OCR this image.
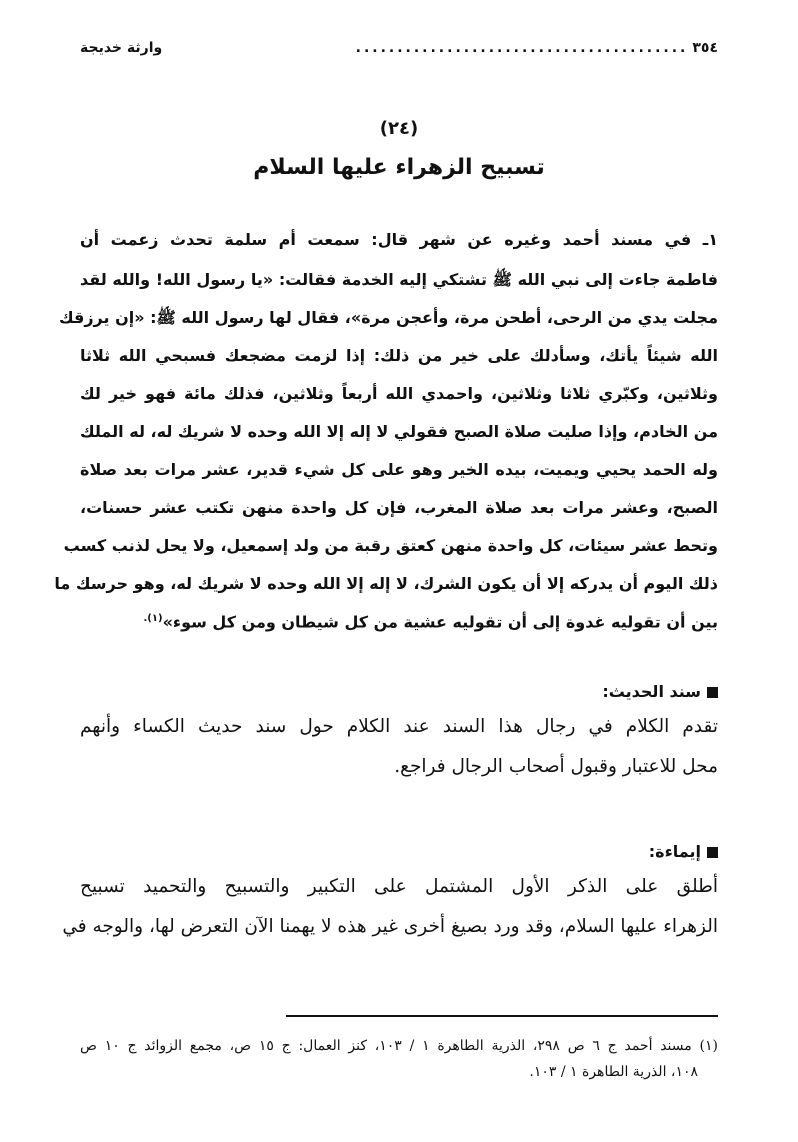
٣٥٤
........................................
وارثة خديجة
(٢٤)
تسبيح الزهراء عليها السلام
١ـ في مسند أحمد وغيره عن شهر قال: سمعت أم سلمة تحدث زعمت أن
فاطمة جاءت إلى نبي الله ﷺ تشتكي إليه الخدمة فقالت: «يا رسول الله! والله لقد
مجلت يدي من الرحى، أطحن مرة، وأعجن مرة»، فقال لها رسول الله ﷺ: «إن يرزقك
الله شيئاً يأتك، وسأدلك على خير من ذلك: إذا لزمت مضجعك فسبحي الله ثلاثا
وثلاثين، وكبّري ثلاثا وثلاثين، واحمدي الله أربعاً وثلاثين، فذلك مائة فهو خير لك
من الخادم، وإذا صليت صلاة الصبح فقولي لا إله إلا الله وحده لا شريك له، له الملك
وله الحمد يحيي ويميت، بيده الخير وهو على كل شيء قدير، عشر مرات بعد صلاة
الصبح، وعشر مرات بعد صلاة المغرب، فإن كل واحدة منهن تكتب عشر حسنات،
وتحط عشر سيئات، كل واحدة منهن كعتق رقبة من ولد إسمعيل، ولا يحل لذنب كسب
ذلك اليوم أن يدركه إلا أن يكون الشرك، لا إله إلا الله وحده لا شريك له، وهو حرسك ما
بين أن تقوليه غدوة إلى أن تقوليه عشية من كل شيطان ومن كل سوء»$^{(١).}$
سند الحديث:
تقدم الكلام في رجال هذا السند عند الكلام حول سند حديث الكساء وأنهم
محل للاعتبار وقبول أصحاب الرجال فراجع.
إيماءة:
أطلق على الذكر الأول المشتمل على التكبير والتسبيح والتحميد تسبيح
الزهراء عليها السلام، وقد ورد بصيغ أخرى غير هذه لا يهمنا الآن التعرض لها، والوجه في
(١) مسند أحمد ج ٦ ص ٢٩٨، الذرية الطاهرة ١ / ١٠٣، كنز العمال: ج ١٥ ص، مجمع الزوائد ج ١٠ ص
١٠٨، الذرية الطاهرة ١ / ١٠٣.
